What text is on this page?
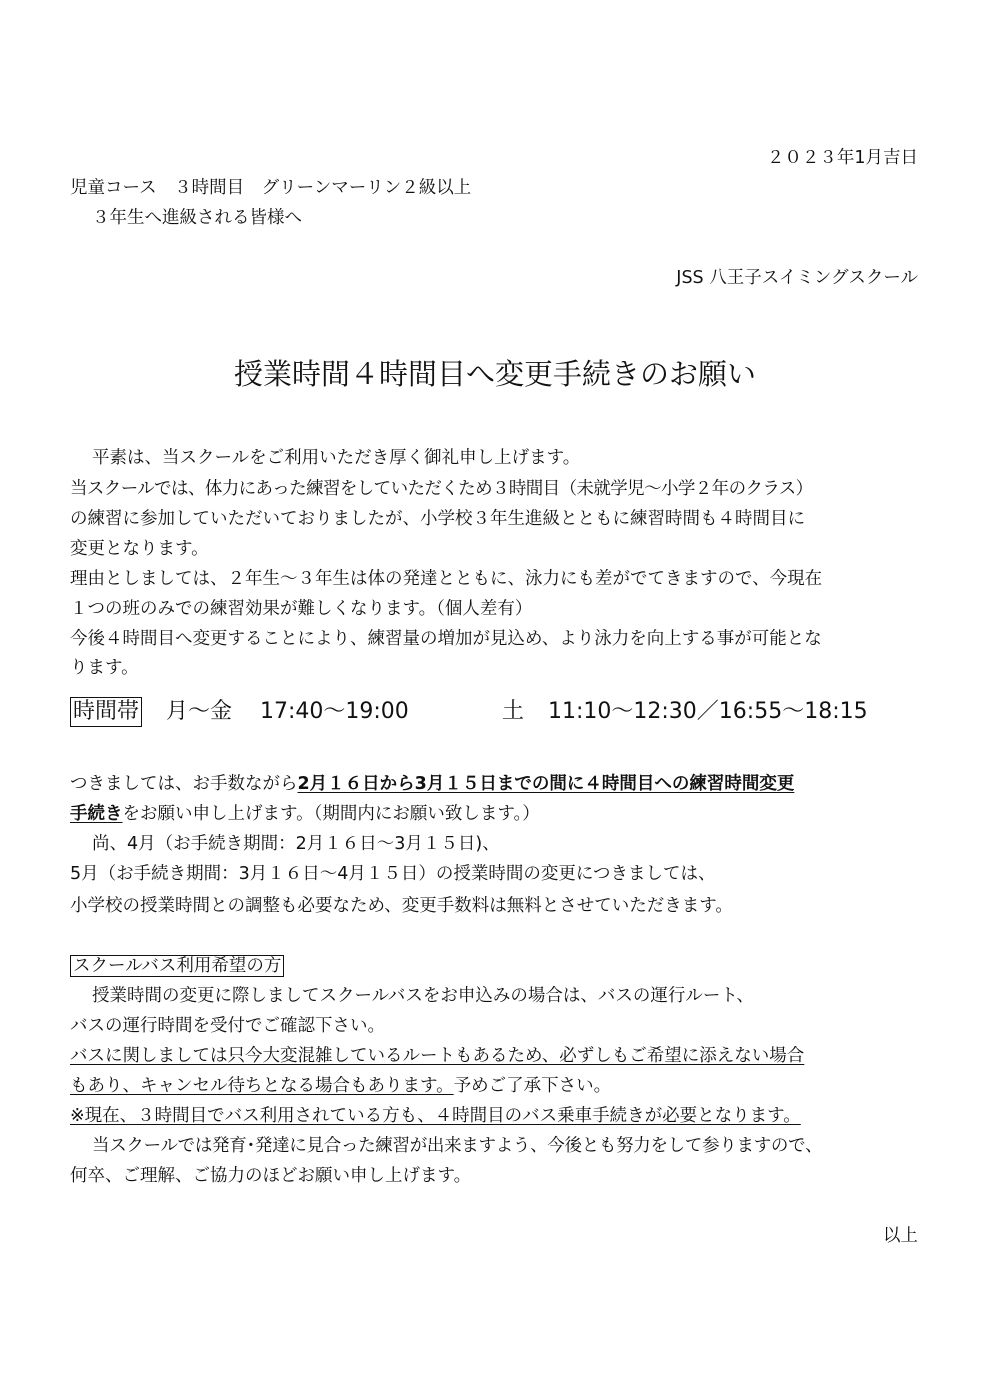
２０２３年1月吉日
児童コース　３時間目　グリーンマーリン２級以上
３年生へ進級される皆様へ
JSS 八王子スイミングスクール
授業時間４時間目へ変更手続きのお願い
平素は、当スクールをご利用いただき厚く御礼申し上げます。
当スクールでは、体力にあった練習をしていただくため３時間目（未就学児～小学２年のクラス）
の練習に参加していただいておりましたが、小学校３年生進級とともに練習時間も４時間目に
変更となります。
理由としましては、２年生～３年生は体の発達とともに、泳力にも差がでてきますので、今現在
１つの班のみでの練習効果が難しくなります。（個人差有）
今後４時間目へ変更することにより、練習量の増加が見込め、より泳力を向上する事が可能とな
ります。
時間帯 月～金 17:40～19:00	土 11:10～12:30／16:55～18:15
つきましては、お手数ながら2月１６日から3月１５日までの間に４時間目への練習時間変更
手続きをお願い申し上げます。（期間内にお願い致します。）
尚、4月（お手続き期間：2月１６日～3月１５日)、
5月（お手続き期間：3月１６日～4月１５日）の授業時間の変更につきましては、
小学校の授業時間との調整も必要なため、変更手数料は無料とさせていただきます。
スクールバス利用希望の方
授業時間の変更に際しましてスクールバスをお申込みの場合は、バスの運行ルート、
バスの運行時間を受付でご確認下さい。
バスに関しましては只今大変混雑しているルートもあるため、必ずしもご希望に添えない場合
もあり、キャンセル待ちとなる場合もあります。予めご了承下さい。
※現在、３時間目でバス利用されている方も、４時間目のバス乗車手続きが必要となります。
当スクールでは発育･発達に見合った練習が出来ますよう、今後とも努力をして参りますので、
何卒、ご理解、ご協力のほどお願い申し上げます。
以上
